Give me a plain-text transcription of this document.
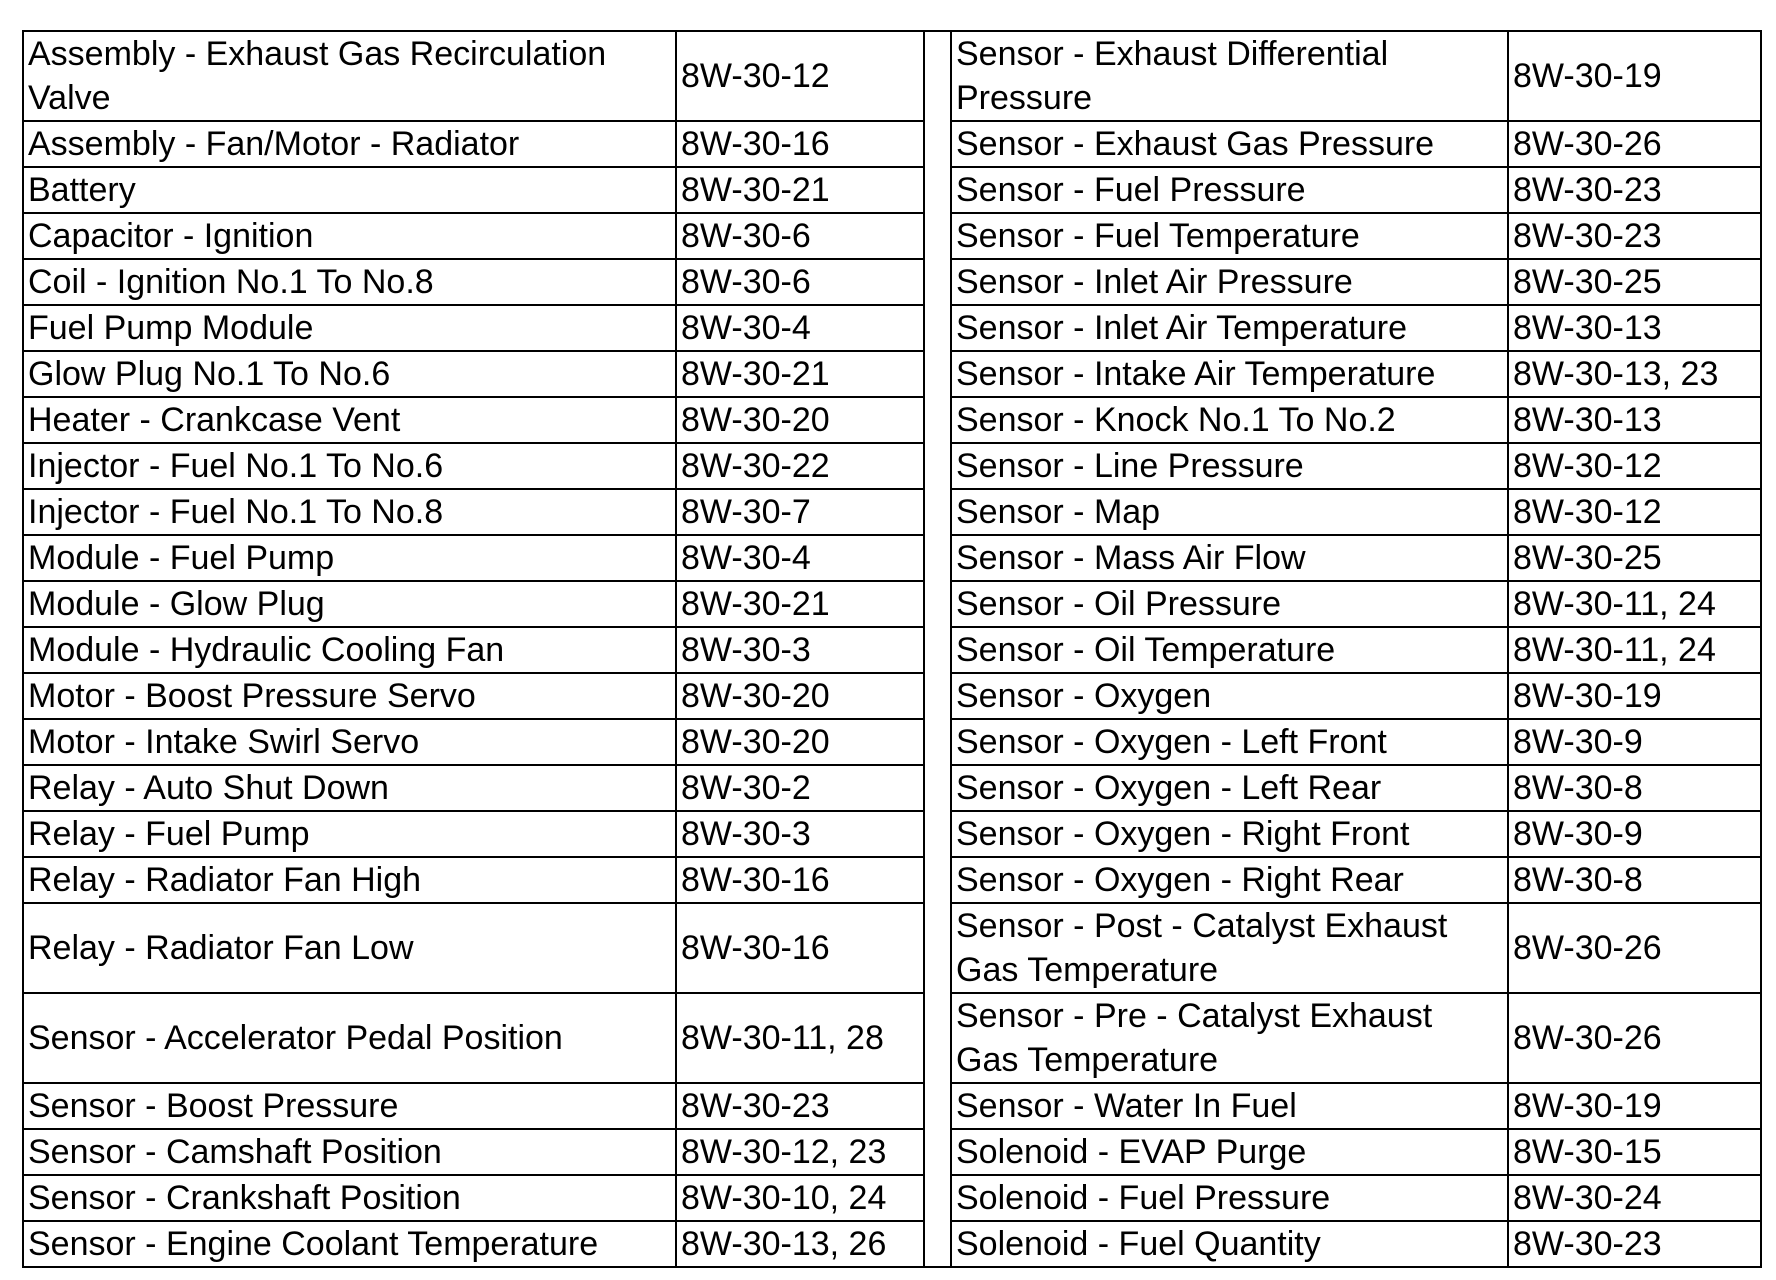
Assembly - Exhaust Gas Recirculation Valve	8W-30-12		Sensor - Exhaust Differential Pressure	8W-30-19
Assembly - Fan/Motor - Radiator	8W-30-16		Sensor - Exhaust Gas Pressure	8W-30-26
Battery	8W-30-21		Sensor - Fuel Pressure	8W-30-23
Capacitor - Ignition	8W-30-6		Sensor - Fuel Temperature	8W-30-23
Coil - Ignition No.1 To No.8	8W-30-6		Sensor - Inlet Air Pressure	8W-30-25
Fuel Pump Module	8W-30-4		Sensor - Inlet Air Temperature	8W-30-13
Glow Plug No.1 To No.6	8W-30-21		Sensor - Intake Air Temperature	8W-30-13, 23
Heater - Crankcase Vent	8W-30-20		Sensor - Knock No.1 To No.2	8W-30-13
Injector - Fuel No.1 To No.6	8W-30-22		Sensor - Line Pressure	8W-30-12
Injector - Fuel No.1 To No.8	8W-30-7		Sensor - Map	8W-30-12
Module - Fuel Pump	8W-30-4		Sensor - Mass Air Flow	8W-30-25
Module - Glow Plug	8W-30-21		Sensor - Oil Pressure	8W-30-11, 24
Module - Hydraulic Cooling Fan	8W-30-3		Sensor - Oil Temperature	8W-30-11, 24
Motor - Boost Pressure Servo	8W-30-20		Sensor - Oxygen	8W-30-19
Motor - Intake Swirl Servo	8W-30-20		Sensor - Oxygen - Left Front	8W-30-9
Relay - Auto Shut Down	8W-30-2		Sensor - Oxygen - Left Rear	8W-30-8
Relay - Fuel Pump	8W-30-3		Sensor - Oxygen - Right Front	8W-30-9
Relay - Radiator Fan High	8W-30-16		Sensor - Oxygen - Right Rear	8W-30-8
Relay - Radiator Fan Low	8W-30-16		Sensor - Post - Catalyst Exhaust Gas Temperature	8W-30-26
Sensor - Accelerator Pedal Position	8W-30-11, 28		Sensor - Pre - Catalyst Exhaust Gas Temperature	8W-30-26
Sensor - Boost Pressure	8W-30-23		Sensor - Water In Fuel	8W-30-19
Sensor - Camshaft Position	8W-30-12, 23		Solenoid - EVAP Purge	8W-30-15
Sensor - Crankshaft Position	8W-30-10, 24		Solenoid - Fuel Pressure	8W-30-24
Sensor - Engine Coolant Temperature	8W-30-13, 26		Solenoid - Fuel Quantity	8W-30-23
